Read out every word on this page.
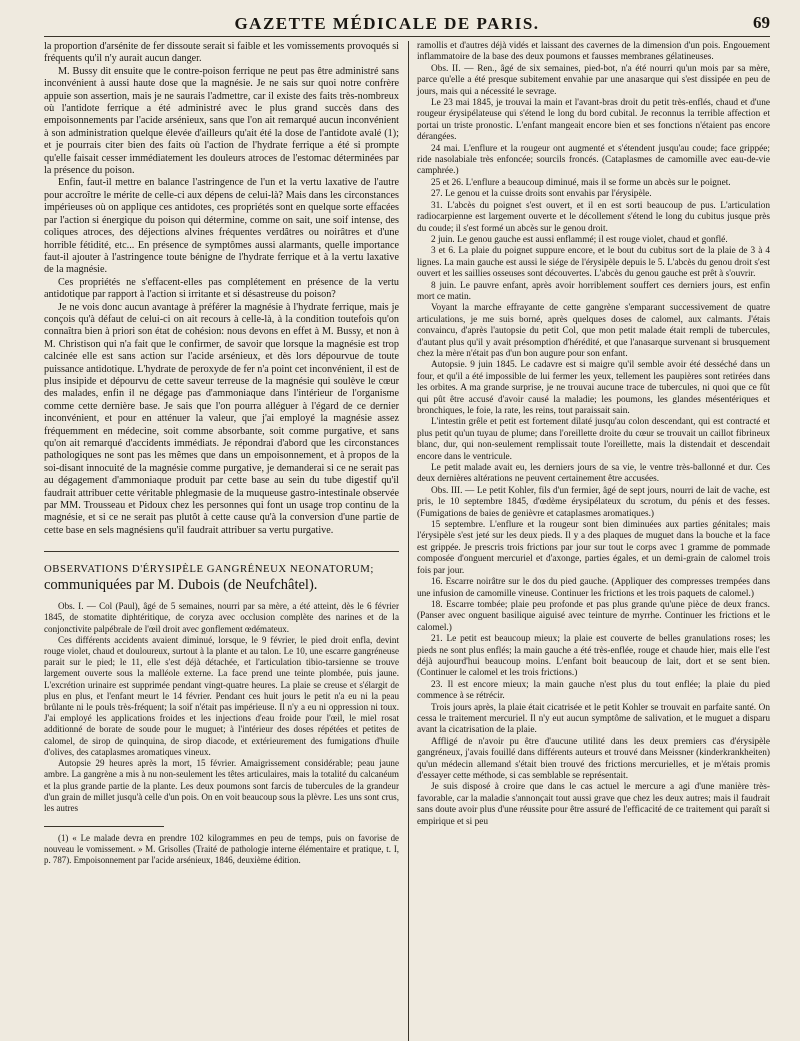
GAZETTE MÉDICALE DE PARIS.	69

la proportion d'arsénite de fer dissoute serait si faible et les vomissements provoqués si fréquents qu'il n'y aurait aucun danger.

M. Bussy dit ensuite que le contre-poison ferrique ne peut pas être administré sans inconvénient à aussi haute dose que la magnésie. Je ne sais sur quoi notre confrère appuie son assertion, mais je ne saurais l'admettre, car il existe des faits très-nombreux où l'antidote ferrique a été administré avec le plus grand succès dans des empoisonnements par l'acide arsénieux, sans que l'on ait remarqué aucun inconvénient à son administration quelque élevée d'ailleurs qu'ait été la dose de l'antidote avalé (1); et je pourrais citer bien des faits où l'action de l'hydrate ferrique a été si prompte qu'elle faisait cesser immédiatement les douleurs atroces de l'estomac déterminées par la présence du poison.

Enfin, faut-il mettre en balance l'astringence de l'un et la vertu laxative de l'autre pour accroître le mérite de celle-ci aux dépens de celui-là? Mais dans les circonstances impérieuses où on applique ces antidotes, ces propriétés sont en quelque sorte effacées par l'action si énergique du poison qui détermine, comme on sait, une soif intense, des coliques atroces, des déjections alvines fréquentes verdâtres ou noirâtres et d'une horrible fétidité, etc... En présence de symptômes aussi alarmants, quelle importance faut-il ajouter à l'astringence toute bénigne de l'hydrate ferrique et à la vertu laxative de la magnésie.

Ces propriétés ne s'effacent-elles pas complétement en présence de la vertu antidotique par rapport à l'action si irritante et si désastreuse du poison?

Je ne vois donc aucun avantage à préférer la magnésie à l'hydrate ferrique, mais je conçois qu'à défaut de celui-ci on ait recours à celle-là, à la condition toutefois qu'on connaîtra bien à priori son état de cohésion: nous devons en effet à M. Bussy, et non à M. Christison qui n'a fait que le confirmer, de savoir que lorsque la magnésie est trop calcinée elle est sans action sur l'acide arsénieux, et dès lors dépourvue de toute puissance antidotique. L'hydrate de peroxyde de fer n'a point cet inconvénient, il est de plus insipide et dépourvu de cette saveur terreuse de la magnésie qui soulève le cœur des malades, enfin il ne dégage pas d'ammoniaque dans l'intérieur de l'organisme comme cette dernière base. Je sais que l'on pourra alléguer à l'égard de ce dernier inconvénient, et pour en atténuer la valeur, que j'ai employé la magnésie assez fréquemment en médecine, soit comme absorbante, soit comme purgative, et sans qu'on ait remarqué d'accidents immédiats. Je répondrai d'abord que les circonstances pathologiques ne sont pas les mêmes que dans un empoisonnement, et à propos de la soi-disant innocuité de la magnésie comme purgative, je demanderai si ce ne serait pas au dégagement d'ammoniaque produit par cette base au sein du tube digestif qu'il faudrait attribuer cette véritable phlegmasie de la muqueuse gastro-intestinale observée par MM. Trousseau et Pidoux chez les personnes qui font un usage trop continu de la magnésie, et si ce ne serait pas plutôt à cette cause qu'à la conversion d'une partie de cette base en sels magnésiens qu'il faudrait attribuer sa vertu purgative.

OBSERVATIONS D'ÉRYSIPÈLE GANGRÉNEUX NEONATORUM; communiquées par M. Dubois (de Neufchâtel).

Obs. I. — Col (Paul), âgé de 5 semaines, nourri par sa mère, a été atteint, dès le 6 février 1845, de stomatite diphtéritique, de coryza avec occlusion complète des narines et de la conjonctivite palpébrale de l'œil droit avec gonflement œdémateux.

Ces différents accidents avaient diminué, lorsque, le 9 février, le pied droit enfla, devint rouge violet, chaud et douloureux, surtout à la plante et au talon. Le 10, une escarre gangréneuse parait sur le pied; le 11, elle s'est déjà détachée, et l'articulation tibio-tarsienne se trouve largement ouverte sous la malléole externe. La face prend une teinte plombée, puis jaune. L'excrétion urinaire est supprimée pendant vingt-quatre heures. La plaie se creuse et s'élargit de plus en plus, et l'enfant meurt le 14 février. Pendant ces huit jours le petit n'a eu ni la peau brûlante ni le pouls très-fréquent; la soif n'était pas impérieuse. Il n'y a eu ni oppression ni toux. J'ai employé les applications froides et les injections d'eau froide pour l'œil, le miel rosat additionné de borate de soude pour le muguet; à l'intérieur des doses répétées et petites de calomel, de sirop de quinquina, de sirop diacode, et extérieurement des fumigations d'huile d'olives, des cataplasmes aromatiques vineux.

Autopsie 29 heures après la mort, 15 février. Amaigrissement considérable; peau jaune ambre. La gangrène a mis à nu non-seulement les têtes articulaires, mais la totalité du calcanéum et la plus grande partie de la plante. Les deux poumons sont farcis de tubercules de la grandeur d'un grain de millet jusqu'à celle d'un pois. On en voit beaucoup sous la plèvre. Les uns sont crus, les autres

(1) « Le malade devra en prendre 102 kilogrammes en peu de temps, puis on favorise de nouveau le vomissement. » M. Grisolles (Traité de pathologie interne élémentaire et pratique, t. I, p. 787). Empoisonnement par l'acide arsénieux, 1846, deuxième édition.

ramollis et d'autres déjà vidés et laissant des cavernes de la dimension d'un pois. Engouement inflammatoire de la base des deux poumons et fausses membranes gélatineuses.

Obs. II. — Ren., âgé de six semaines, pied-bot, n'a été nourri qu'un mois par sa mère, parce qu'elle a été presque subitement envahie par une anasarque qui s'est dissipée en peu de jours, mais qui a nécessité le sevrage.

Le 23 mai 1845, je trouvai la main et l'avant-bras droit du petit très-enflés, chaud et d'une rougeur érysipélateuse qui s'étend le long du bord cubital. Je reconnus la terrible affection et portai un triste pronostic. L'enfant mangeait encore bien et ses fonctions n'étaient pas encore dérangées.

24 mai. L'enflure et la rougeur ont augmenté et s'étendent jusqu'au coude; face grippée; ride nasolabiale très enfoncée; sourcils froncés. (Cataplasmes de camomille avec eau-de-vie camphrée.)

25 et 26. L'enflure a beaucoup diminué, mais il se forme un abcès sur le poignet.

27. Le genou et la cuisse droits sont envahis par l'érysipèle.

31. L'abcès du poignet s'est ouvert, et il en est sorti beaucoup de pus. L'articulation radiocarpienne est largement ouverte et le décollement s'étend le long du cubitus jusque près du coude; il s'est formé un abcès sur le genou droit.

2 juin. Le genou gauche est aussi enflammé; il est rouge violet, chaud et gonflé.

3 et 6. La plaie du poignet suppure encore, et le bout du cubitus sort de la plaie de 3 à 4 lignes. La main gauche est aussi le siége de l'érysipèle depuis le 5. L'abcès du genou droit s'est ouvert et les saillies osseuses sont découvertes. L'abcès du genou gauche est prêt à s'ouvrir.

8 juin. Le pauvre enfant, après avoir horriblement souffert ces derniers jours, est enfin mort ce matin.

Voyant la marche effrayante de cette gangrène s'emparant successivement de quatre articulations, je me suis borné, après quelques doses de calomel, aux calmants. J'étais convaincu, d'après l'autopsie du petit Col, que mon petit malade était rempli de tubercules, d'autant plus qu'il y avait présomption d'hérédité, et que l'anasarque survenant si brusquement chez la mère n'était pas d'un bon augure pour son enfant.

Autopsie. 9 juin 1845. Le cadavre est si maigre qu'il semble avoir été desséché dans un four, et qu'il a été impossible de lui fermer les yeux, tellement les paupières sont retirées dans les orbites. A ma grande surprise, je ne trouvai aucune trace de tubercules, ni quoi que ce fût qui pût être accusé d'avoir causé la maladie; les poumons, les glandes mésentériques et bronchiques, le foie, la rate, les reins, tout paraissait sain.

L'intestin grêle et petit est fortement dilaté jusqu'au colon descendant, qui est contracté et plus petit qu'un tuyau de plume; dans l'oreillette droite du cœur se trouvait un caillot fibrineux blanc, dur, qui non-seulement remplissait toute l'oreillette, mais la distendait et descendait encore dans le ventricule.

Le petit malade avait eu, les derniers jours de sa vie, le ventre très-ballonné et dur. Ces deux dernières altérations ne peuvent certainement être accusées.

Obs. III. — Le petit Kohler, fils d'un fermier, âgé de sept jours, nourri de lait de vache, est pris, le 10 septembre 1845, d'œdème érysipélateux du scrotum, du pénis et des fesses. (Fumigations de baies de genièvre et cataplasmes aromatiques.)

15 septembre. L'enflure et la rougeur sont bien diminuées aux parties génitales; mais l'érysipèle s'est jeté sur les deux pieds. Il y a des plaques de muguet dans la bouche et la face est grippée. Je prescris trois frictions par jour sur tout le corps avec 1 gramme de pommade composée d'onguent mercuriel et d'axonge, parties égales, et un demi-grain de calomel trois fois par jour.

16. Escarre noirâtre sur le dos du pied gauche. (Appliquer des compresses trempées dans une infusion de camomille vineuse. Continuer les frictions et les trois paquets de calomel.)

18. Escarre tombée; plaie peu profonde et pas plus grande qu'une pièce de deux francs. (Panser avec onguent basilique aiguisé avec teinture de myrrhe. Continuer les frictions et le calomel.)

21. Le petit est beaucoup mieux; la plaie est couverte de belles granulations roses; les pieds ne sont plus enflés; la main gauche a été très-enflée, rouge et chaude hier, mais elle l'est déjà aujourd'hui beaucoup moins. L'enfant boit beaucoup de lait, dort et se sent bien. (Continuer le calomel et les trois frictions.)

23. Il est encore mieux; la main gauche n'est plus du tout enflée; la plaie du pied commence à se rétrécir.

Trois jours après, la plaie était cicatrisée et le petit Kohler se trouvait en parfaite santé. On cessa le traitement mercuriel. Il n'y eut aucun symptôme de salivation, et le muguet a disparu avant la cicatrisation de la plaie.

Affligé de n'avoir pu être d'aucune utilité dans les deux premiers cas d'érysipèle gangréneux, j'avais fouillé dans différents auteurs et trouvé dans Meissner (kinderkrankheiten) qu'un médecin allemand s'était bien trouvé des frictions mercurielles, et je m'étais promis d'essayer cette méthode, si cas semblable se représentait.

Je suis disposé à croire que dans le cas actuel le mercure a agi d'une manière très-favorable, car la maladie s'annonçait tout aussi grave que chez les deux autres; mais il faudrait sans doute avoir plus d'une réussite pour être assuré de l'efficacité de ce traitement qui paraît si empirique et si peu
